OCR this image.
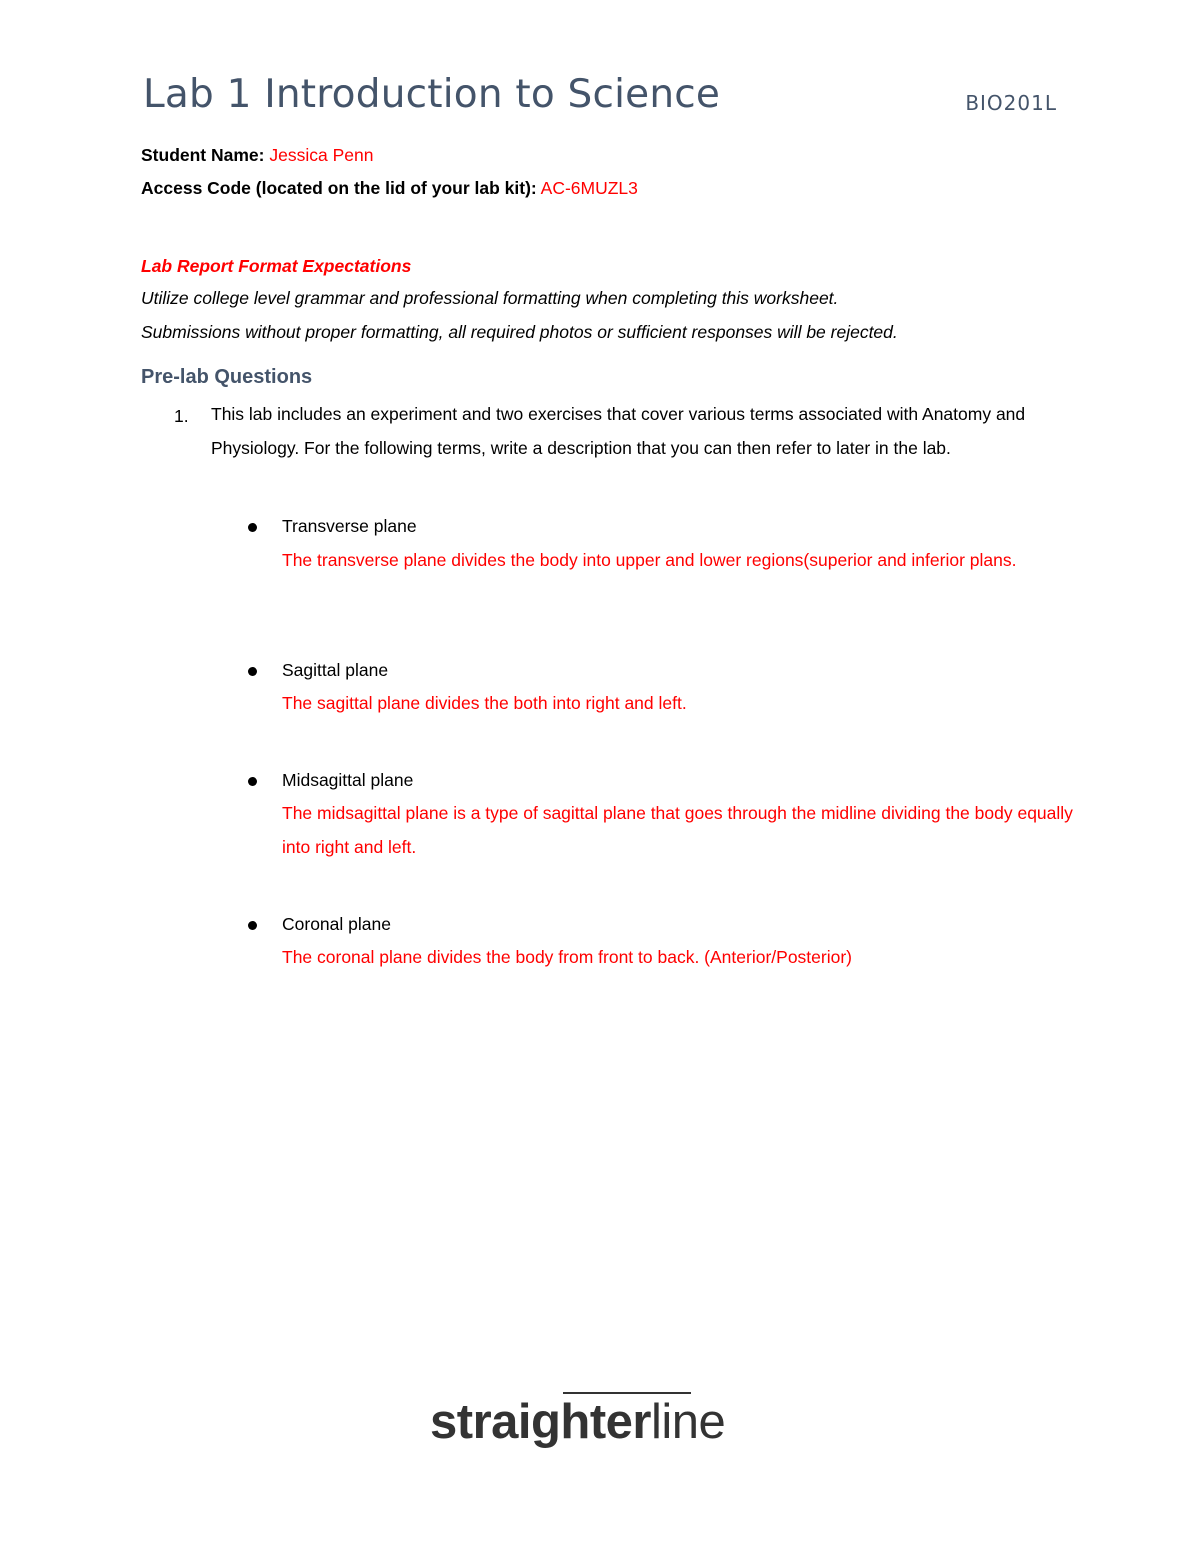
Lab 1 Introduction to Science	BIO201L
Student Name: Jessica Penn
Access Code (located on the lid of your lab kit): AC-6MUZL3
Lab Report Format Expectations
Utilize college level grammar and professional formatting when completing this worksheet.
Submissions without proper formatting, all required photos or sufficient responses will be rejected.
Pre-lab Questions
1. This lab includes an experiment and two exercises that cover various terms associated with Anatomy and Physiology. For the following terms, write a description that you can then refer to later in the lab.
Transverse plane
The transverse plane divides the body into upper and lower regions(superior and inferior plans.
Sagittal plane
The sagittal plane divides the both into right and left.
Midsagittal plane
The midsagittal plane is a type of sagittal plane that goes through the midline dividing the body equally into right and left.
Coronal plane
The coronal plane divides the body from front to back. (Anterior/Posterior)
straighterline
